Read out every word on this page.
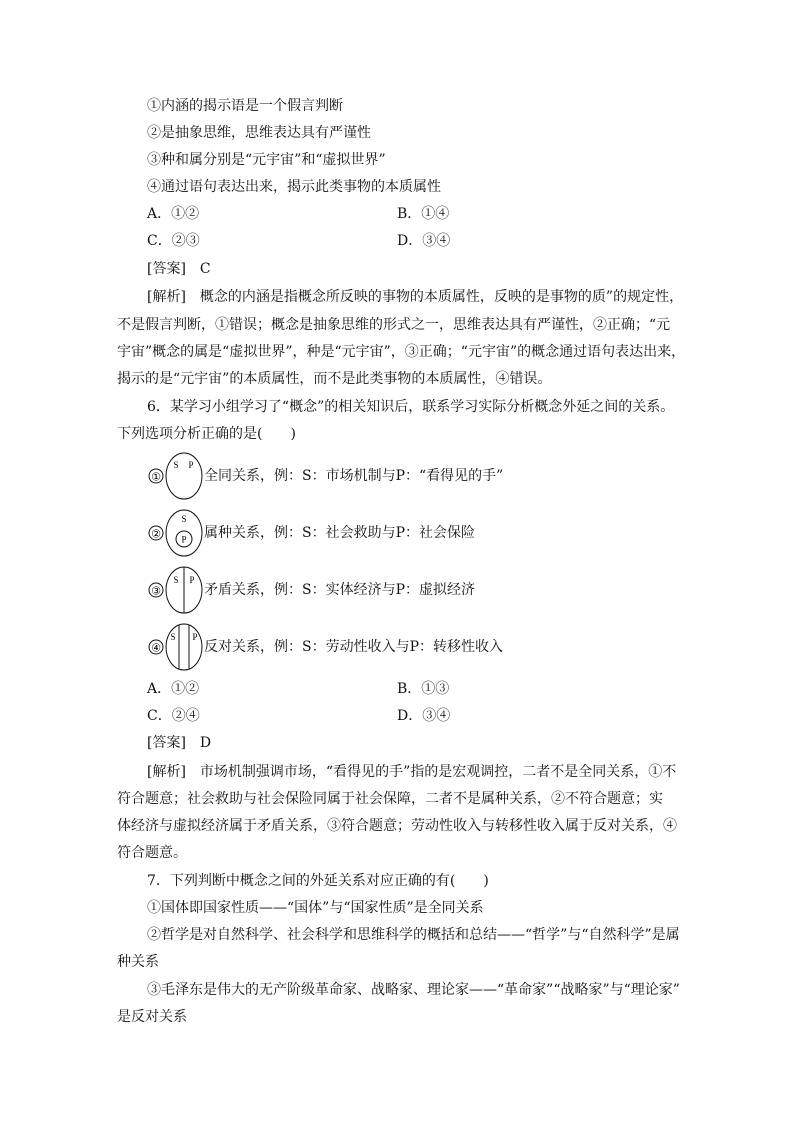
①内涵的揭示语是一个假言判断
②是抽象思维，思维表达具有严谨性
③种和属分别是“元宇宙”和“虚拟世界”
④通过语句表达出来，揭示此类事物的本质属性
A．①②	B．①④
C．②③	D．③④
[答案]　C
[解析]　概念的内涵是指概念所反映的事物的本质属性，反映的是事物的质”的规定性，
不是假言判断，①错误；概念是抽象思维的形式之一，思维表达具有严谨性，②正确；“元
宇宙”概念的属是“虚拟世界”，种是“元宇宙”，③正确；“元宇宙”的概念通过语句表达出来，
揭示的是“元宇宙”的本质属性，而不是此类事物的本质属性，④错误。
6．某学习小组学习了“概念”的相关知识后，联系学习实际分析概念外延之间的关系。
下列选项分析正确的是(　　)
①
S P
全同关系，例：S：市场机制与P：“看得见的手”
②
S
P 属种关系，例：S：社会救助与P：社会保险
③
S P
矛盾关系，例：S：实体经济与P：虚拟经济
④
S P
反对关系，例：S：劳动性收入与P：转移性收入
A．①②	B．①③
C．②④	D．③④
[答案]　D
[解析]　市场机制强调市场，“看得见的手”指的是宏观调控，二者不是全同关系，①不
符合题意；社会救助与社会保险同属于社会保障，二者不是属种关系，②不符合题意；实
体经济与虚拟经济属于矛盾关系，③符合题意；劳动性收入与转移性收入属于反对关系，④
符合题意。
7．下列判断中概念之间的外延关系对应正确的有(　　)
①国体即国家性质——“国体”与“国家性质”是全同关系
②哲学是对自然科学、社会科学和思维科学的概括和总结——“哲学”与“自然科学”是属
种关系
③毛泽东是伟大的无产阶级革命家、战略家、理论家——“革命家”“战略家”与“理论家”
是反对关系
